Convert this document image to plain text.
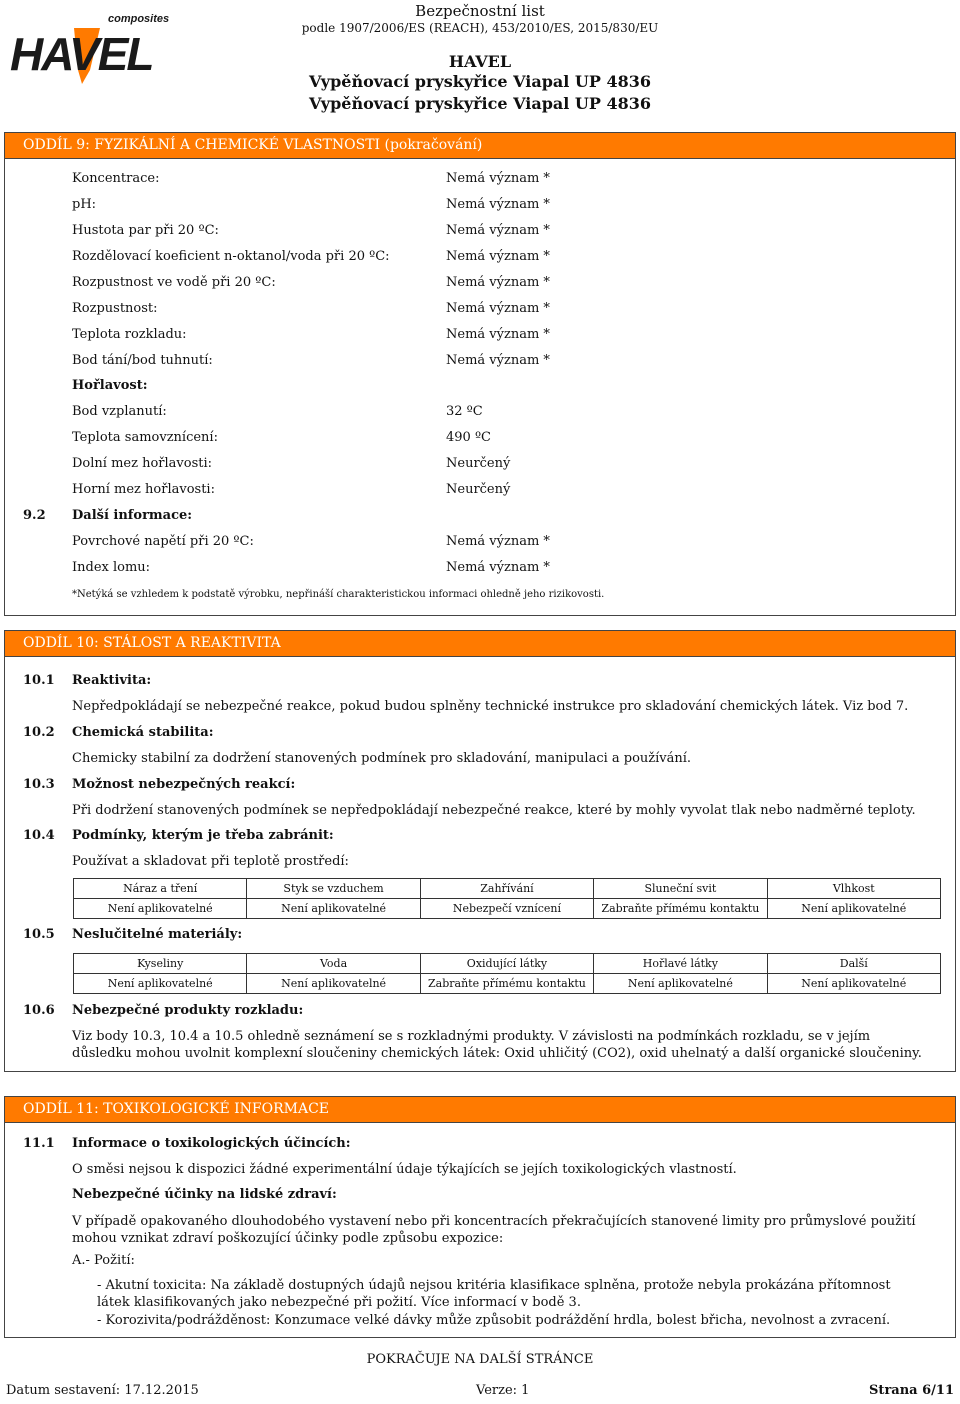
composites
HAVEL
Bezpečnostní list
podle 1907/2006/ES (REACH), 453/2010/ES, 2015/830/EU
HAVEL
Vypěňovací pryskyřice Viapal UP 4836
Vypěňovací pryskyřice Viapal UP 4836
ODDÍL 9: FYZIKÁLNÍ A CHEMICKÉ VLASTNOSTI (pokračování)
Hořlavost:
9.2 Další informace:
*Netýká se vzhledem k podstatě výrobku, nepřináší charakteristickou informaci ohledně jeho rizikovosti.
Koncentrace:	Nemá význam *
pH:	Nemá význam *
Hustota par při 20 ºC:	Nemá význam *
Rozdělovací koeficient n-oktanol/voda při 20 ºC:	Nemá význam *
Rozpustnost ve vodě při 20 ºC:	Nemá význam *
Rozpustnost:	Nemá význam *
Teplota rozkladu:	Nemá význam *
Bod tání/bod tuhnutí:	Nemá význam *
Bod vzplanutí:	32 ºC
Teplota samovznícení:	490 ºC
Dolní mez hořlavosti:	Neurčený
Horní mez hořlavosti:	Neurčený
Povrchové napětí při 20 ºC:	Nemá význam *
Index lomu:	Nemá význam *
ODDÍL 10: STÁLOST A REAKTIVITA
Náraz a tření	Styk se vzduchem	Zahřívání	Sluneční svit	Vlhkost
Není aplikovatelné	Není aplikovatelné	Nebezpečí vznícení	Zabraňte přímému kontaktu	Není aplikovatelné
10.5 Neslučitelné materiály:
Kyseliny	Voda	Oxidující látky	Hořlavé látky	Další
Není aplikovatelné	Není aplikovatelné	Zabraňte přímému kontaktu	Není aplikovatelné	Není aplikovatelné
10.6 Nebezpečné produkty rozkladu:
Viz body 10.3, 10.4 a 10.5 ohledně seznámení se s rozkladnými produkty. V závislosti na podmínkách rozkladu, se v jejím důsledku mohou uvolnit komplexní sloučeniny chemických látek: Oxid uhličitý (CO2), oxid uhelnatý a další organické sloučeniny.
10.1 Reaktivita:
Nepředpokládají se nebezpečné reakce, pokud budou splněny technické instrukce pro skladování chemických látek. Viz bod 7.
10.2 Chemická stabilita:
Chemicky stabilní za dodržení stanovených podmínek pro skladování, manipulaci a používání.
10.3 Možnost nebezpečných reakcí:
Při dodržení stanovených podmínek se nepředpokládají nebezpečné reakce, které by mohly vyvolat tlak nebo nadměrné teploty.
10.4 Podmínky, kterým je třeba zabránit:
Používat a skladovat při teplotě prostředí:
ODDÍL 11: TOXIKOLOGICKÉ INFORMACE
11.1 Informace o toxikologických účincích:
O směsi nejsou k dispozici žádné experimentální údaje týkajících se jejích toxikologických vlastností.
Nebezpečné účinky na lidské zdraví:
V případě opakovaného dlouhodobého vystavení nebo při koncentracích překračujících stanovené limity pro průmyslové použití mohou vznikat zdraví poškozující účinky podle způsobu expozice:
A.- Požití:
- Akutní toxicita: Na základě dostupných údajů nejsou kritéria klasifikace splněna, protože nebyla prokázána přítomnost látek klasifikovaných jako nebezpečné při požití. Více informací v bodě 3.
- Korozivita/podrážděnost: Konzumace velké dávky může způsobit podráždění hrdla, bolest břicha, nevolnost a zvracení.
POKRAČUJE NA DALŠÍ STRÁNCE
Datum sestavení: 17.12.2015	Verze: 1	Strana 6/11
